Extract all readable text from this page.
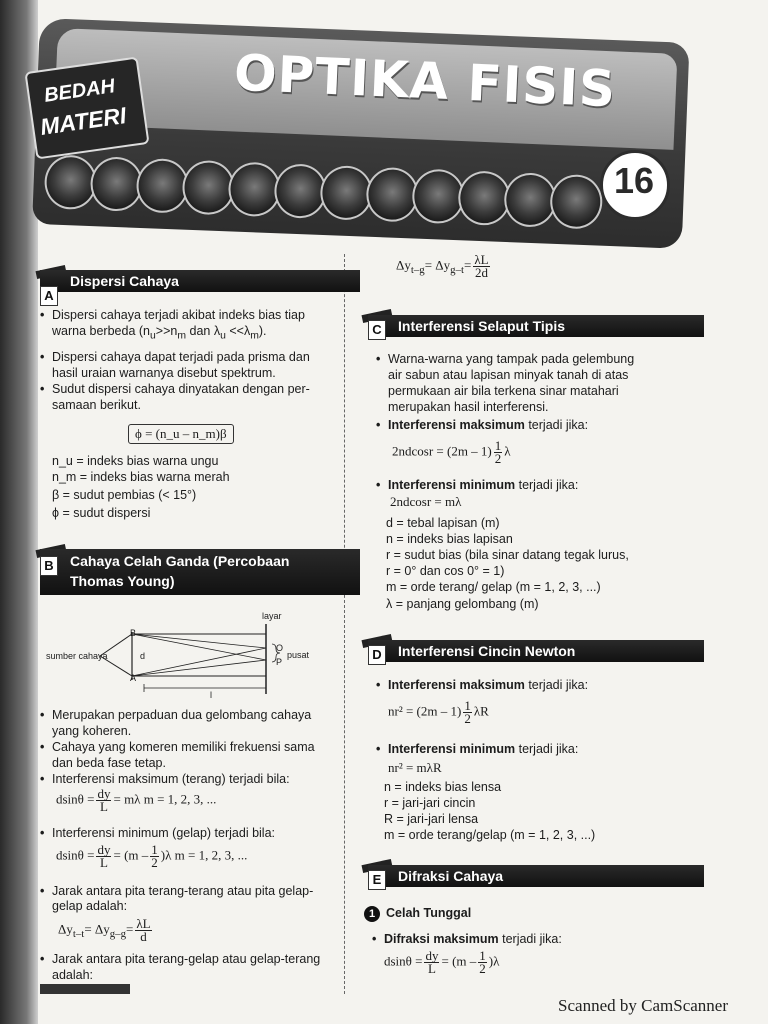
OPTIKA FISIS
BEDAH
MATERI
16
Dispersi Cahaya
A
• Dispersi cahaya terjadi akibat indeks bias tiap
warna berbeda ($n_u>>n_m$ dan $\lambda_u <<\lambda_m$).
• Dispersi cahaya dapat terjadi pada prisma dan
hasil uraian warnanya disebut spektrum.
• Sudut dispersi cahaya dinyatakan dengan per-
samaan berikut.
ϕ = (n_u – n_m)β
n_u = indeks bias warna ungu
n_m = indeks bias warna merah
β = sudut pembias (< 15°)
ϕ = sudut dispersi
Cahaya Celah Ganda (Percobaan
Thomas Young)
B
layar
sumber cahaya
B
A
d
O
P
pusat
l
• Merupakan perpaduan dua gelombang cahaya
yang koheren.
• Cahaya yang komeren memiliki frekuensi sama
dan beda fase tetap.
• Interferensi maksimum (terang) terjadi bila:
$dsin\theta = \frac{dy}{L} = m\lambda$ m = 1, 2, 3, ...
• Interferensi minimum (gelap) terjadi bila:
$dsin\theta = \frac{dy}{L} = (m - \frac{1}{2} )\lambda$ m = 1, 2, 3, ...
• Jarak antara pita terang-terang atau pita gelap-
gelap adalah:
$\Delta y_{t-t}= \Delta y_{g-g}= \frac{\lambda L}{d}$
• Jarak antara pita terang-gelap atau gelap-terang
adalah:
$\Delta y_{t-g}= \Delta y_{g-t}= \frac{\lambda L}{2d}$
Interferensi Selaput Tipis
C
• Warna-warna yang tampak pada gelembung
air sabun atau lapisan minyak tanah di atas
permukaan air bila terkena sinar matahari
merupakan hasil interferensi.
• Interferensi maksimum terjadi jika:
$2ndcosr = (2m - 1) \frac{1}{2}$ λ
• Interferensi minimum terjadi jika:
2ndcosr = mλ
d = tebal lapisan (m)
n = indeks bias lapisan
r = sudut bias (bila sinar datang tegak lurus,
r = 0° dan cos 0° = 1)
m = orde terang/ gelap (m = 1, 2, 3, ...)
λ = panjang gelombang (m)
Interferensi Cincin Newton
D
• Interferensi maksimum terjadi jika:
$nr^2 = (2m - 1) \frac{1}{2}$ λR
• Interferensi minimum terjadi jika:
nr² = mλR
n = indeks bias lensa
r = jari-jari cincin
R = jari-jari lensa
m = orde terang/gelap (m = 1, 2, 3, ...)
Difraksi Cahaya
E
1 Celah Tunggal
• Difraksi maksimum terjadi jika:
$dsin\theta = \frac{dy}{L} = (m - \frac{1}{2} )\lambda$
Scanned by CamScanner
